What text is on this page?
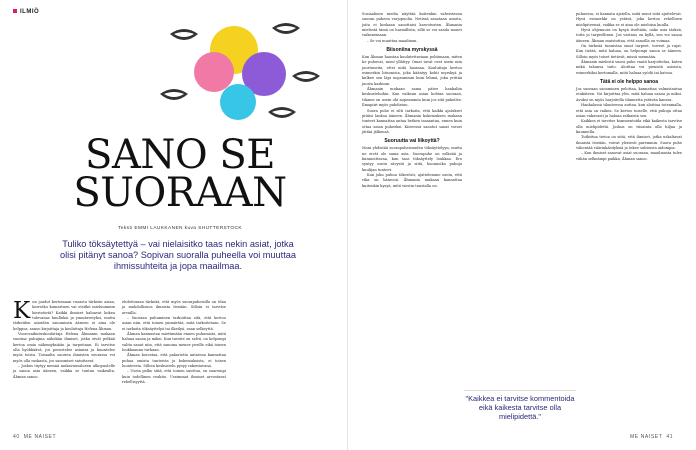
ILMIÖ
SANO SE
SUORAAN
Teksti EMMI LAUKKANEN kuva SHUTTERSTOCK
Tuliko töksäytettyä – vai nielaisitko taas nekin asiat, jotka olisi pitänyt sanoa? Sopivan suoralla puheella voi muuttaa ihmissuhteita ja jopa maailmaa.

Kun joudut kertomaan ruoasta tärkeän asian, kerrotko kumartuen vai etsitkö mieluummin kiertotietä? Kaikki ihmiset haluavat kokea tulevansa kuulluksi ja ymmärretyksi, mutta tärkeiden asioiden sanominen ääneen ei aina ole helppoa, sanoo kirjoittaja ja kouluttaja Helena Åhman.

Vuorovaikutuskouluttaja Helena Åhmanin mukaan suorina puhujina nähdään ihmiset, jotka eivät pelkää kertoa omia näkemyksiään ja tarpeitaan. Ei tarvitse olla hyökkäävä, jos perustelee asiansa ja kuuntelee myös toista. Toisaalta suorien ihmisten seurassa voi myös olla raskasta, jos sanomiset satuttavat.

– Joskus täytyy mennä mukavuusalueen ulkopuolelle ja sanoa asia ääneen, vaikka se tuntuu vaikealta, Åhman sanoo.

ehdottoman tärkeää, että myös suorapuheisilla on tilaa ja mahdollisuus ilmaista itseään. Silloin ei tarvitse arvailla.

– Suoraan puhuminen tarkoittaa sitä, että kertoo asian niin, että toinen ymmärtää, mitä tarkoitetaan. Se ei tarkoita töksäyttelyä tai ilkeilyä, vaan selkeyttä.

Åhman kannustaa miettimään ennen puhumista, mitä haluaa sanoa ja miksi. Kun tavoite on selvä, on helpompi valita sanat niin, että sanoma menee perille eikä toinen loukkaannu turhaan.

Åhman korostaa, että palautetta antaessa kannattaa puhua omista tunteista ja kokemuksista, ei toisen luonteesta. Silloin keskustelu pysyy rakentavana.

– Usein pelko siitä, että toinen suuttuu, on suurempi kuin todellinen reaktio. Useimmat ihmiset arvostavat rehellisyyttä.

40 ME NAISET

Sosiaalinen media näyttää kuitenkin vahvistavan suoran puheen varjopuolia. Netissä sanotaan asioita, joita ei koskaan sanottaisi kasvotusten. Åhmanin mielestä tämä on harmillista, sillä se voi saada monet vaikenemaan.

– Se voi muuttaa maailman.

Biisoniina myrskyssä

Kun Åhman haastaa koulutettaviaan pohtimaan, miten he puhuvat, moni yllättyy. Omat tavat ovat usein niin juurtuneita, ettei niitä huomaa. Kouluttaja kertoo esimerkin biisonista, joka kääntyy kohti myrskyä ja kulkee sen läpi nopeammin kuin lehmä, joka yrittää juosta karkuun.

Åhmanin mukaan sama pätee hankaliin keskusteluihin. Kun vaikean asian kohtaa suoraan, tilanne on usein ohi nopeammin kuin jos sitä pakoilee. Ilmapiiri myös puhdistuu.

Suora puhe ei silti tarkoita, että kaikki ajatukset pitäisi laukoa ääneen. Åhmanin kokemuksen mukaan tunteet kannattaa antaa hetken tasaantua, ennen kuin ottaa asian puheeksi. Kiireessä sanotut sanat voivat jättää jälkensä.

Suoruutta vai liikoyttä?

Moni yhdistää suorapuheisuuden töksäyttelyyn, mutta ne eivät ole sama asia. Suorapuhe on selkeää ja kunnioittavaa, kun taas töksäyttely loukkaa. Ero syntyy usein sävystä ja siitä, huomioiko puhuja kuulijan tunteet.

Kun joku puhuu tökerösti, ajattelemme usein, että vika on hänessä. Åhmanin mukaan kannattaa kuitenkin kysyä, mitä viestin taustalla on.

"Kaikkea ei tarvitse kommentoida eikä kaikesta tarvitse olla mielipidettä."

puhuessa, ei kannata ajatella, mitä muut siitä ajattelevat. Hyvä esimerkki on ystävä, joka kertoo rehellisen mielipiteensä, vaikka se ei aina ole mieluisa kuulla.

Hyvä ohjenuora on kysyä itseltään, onko asia tärkeä, totta ja tarpeellinen. Jos vastaus on kyllä, sen voi sanoa ääneen. Åhman muistuttaa, että sanoilla on voimaa.

On tärkeää tunnistaa omat tarpeet, toiveet ja rajat. Kun tietää, mitä haluaa, on helpompi sanoa se ääneen. Silloin myös toiset tietävät, missä mennään.

Åhmanin mielestä suora puhe vaatii harjoittelua, kuten mikä tahansa taito. Aloittaa voi pienistä asioista, esimerkiksi kertomalla, mitä haluaa syödä tai katsoa.

Tätä ei ole helppo sanoa

Jos suoraan sanominen pelottaa, kannattaa valmistautua etukäteen. Voi kirjoittaa ylös, mitä haluaa sanoa ja miksi. Avuksi on myös harjoitella tilannetta ystävän kanssa.

Hankalassa tilanteessa auttaa, kun aloittaa toteamalla, että asia on vaikea. Se kertoo toiselle, että puhuja ottaa asian vakavasti ja haluaa ratkaista sen.

Kaikkea ei tarvitse kommentoida eikä kaikesta tarvitse olla mielipidettä. Joskus on viisainta olla hiljaa ja kuunnella.

Tutkittua tietoa on siitä, että ihmiset, jotka uskaltavat ilmaista itseään, voivat yleisesti paremmin. Suora puhe vähentää väärinkäsityksiä ja tekee suhteista aidompia.

– Kun ihmiset sanovat asiat suoraan, maailmasta tulee vähän selkeämpi paikka, Åhman sanoo.

ME NAISET 41
